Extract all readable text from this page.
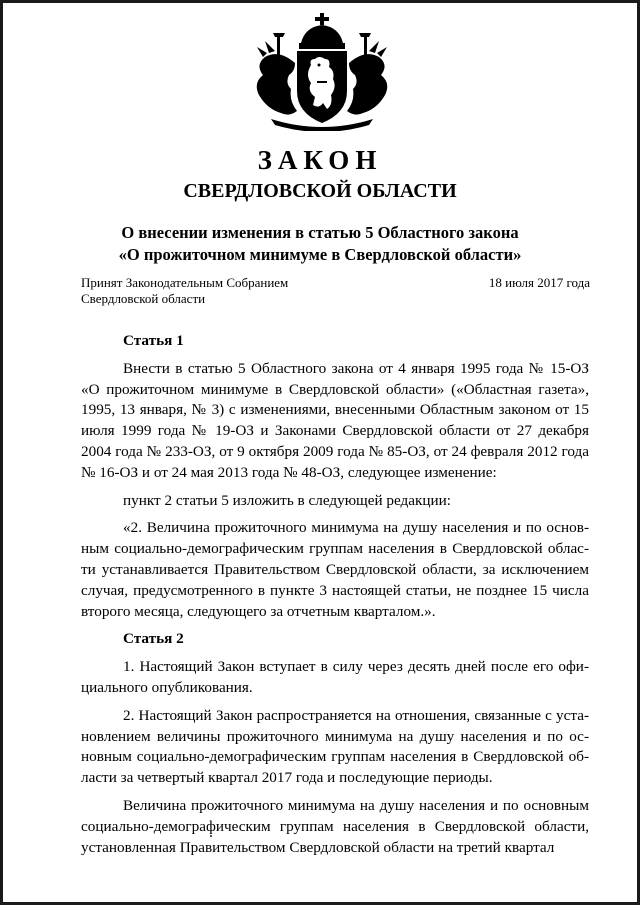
ЗАКОН
СВЕРДЛОВСКОЙ ОБЛАСТИ
О внесении изменения в статью 5 Областного закона
«О прожиточном минимуме в Свердловской области»
Принят Законодательным Собранием
Свердловской области
18 июля 2017 года
Статья 1

Внести в статью 5 Областного закона от 4 января 1995 года № 15-ОЗ «О прожиточном минимуме в Свердловской области» («Областная газета», 1995, 13 января, № 3) с изменениями, внесенными Областным законом от 15 июля 1999 года № 19-ОЗ и Законами Свердловской области от 27 декабря 2004 года № 233-ОЗ, от 9 октября 2009 года № 85-ОЗ, от 24 февраля 2012 года № 16-ОЗ и от 24 мая 2013 года № 48-ОЗ, следующее изменение:

пункт 2 статьи 5 изложить в следующей редакции:

«2. Величина прожиточного минимума на душу населения и по основным социально-демографическим группам населения в Свердловской области устанавливается Правительством Свердловской области, за исключением случая, предусмотренного в пункте 3 настоящей статьи, не позднее 15 числа второго месяца, следующего за отчетным кварталом.».

Статья 2

1. Настоящий Закон вступает в силу через десять дней после его официального опубликования.

2. Настоящий Закон распространяется на отношения, связанные с установлением величины прожиточного минимума на душу населения и по основным социально-демографическим группам населения в Свердловской области за четвертый квартал 2017 года и последующие периоды.

Величина прожиточного минимума на душу населения и по основным социально-демографическим группам населения в Свердловской области, установленная Правительством Свердловской области на третий квартал
